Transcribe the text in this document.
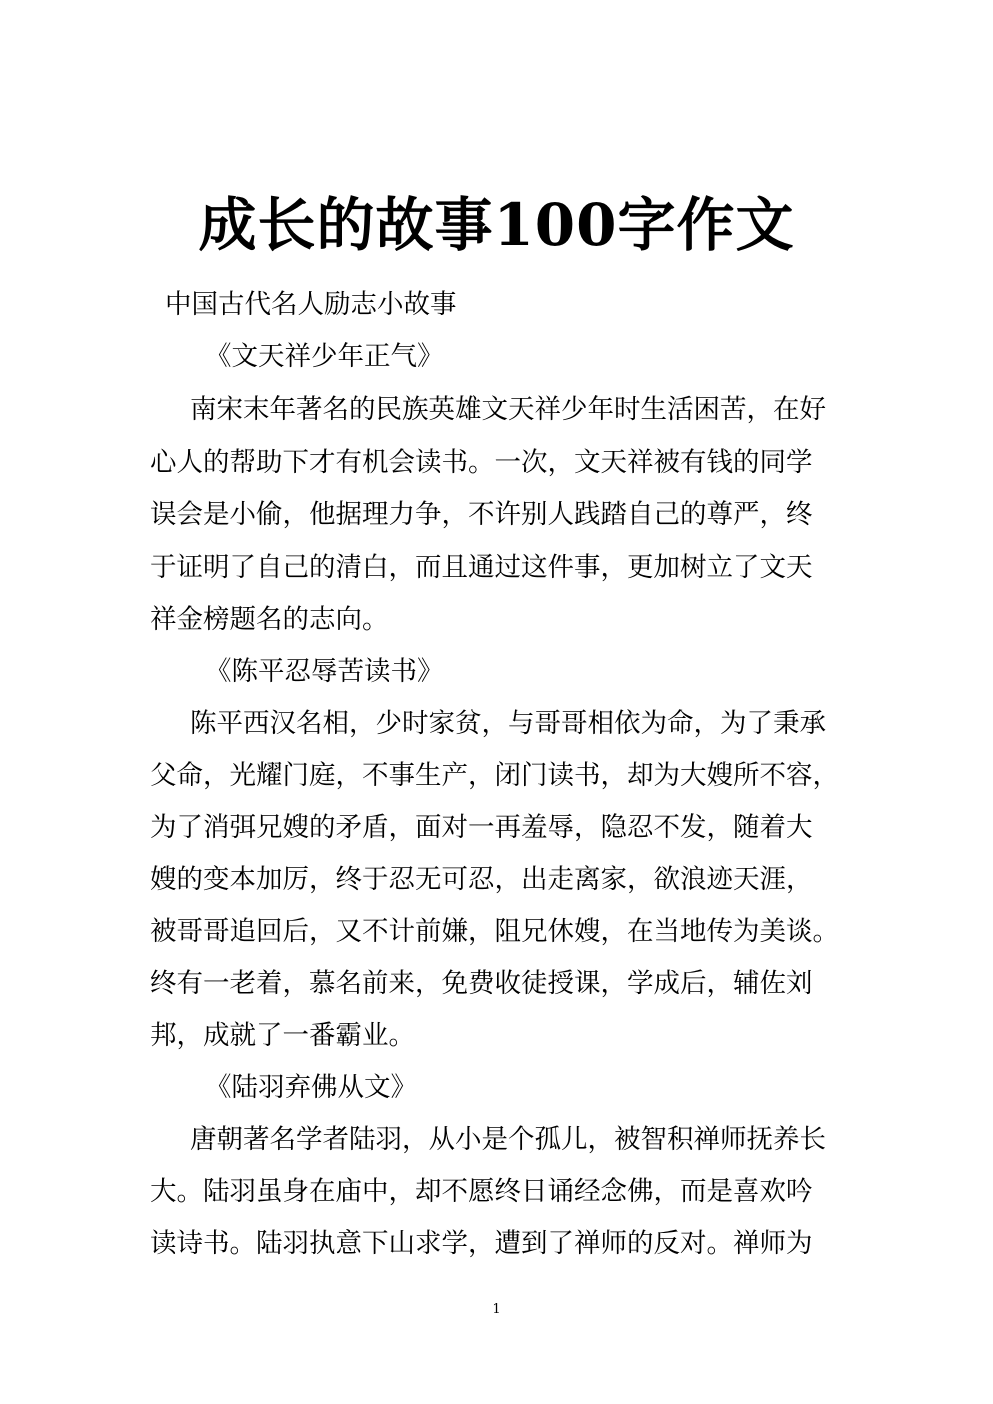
成长的故事100字作文
中国古代名人励志小故事
《文天祥少年正气》
南宋末年著名的民族英雄文天祥少年时生活困苦，在好
心人的帮助下才有机会读书。一次，文天祥被有钱的同学
误会是小偷，他据理力争，不许别人践踏自己的尊严，终
于证明了自己的清白，而且通过这件事，更加树立了文天
祥金榜题名的志向。
《陈平忍辱苦读书》
陈平西汉名相，少时家贫，与哥哥相依为命，为了秉承
父命，光耀门庭，不事生产，闭门读书，却为大嫂所不容，
为了消弭兄嫂的矛盾，面对一再羞辱，隐忍不发，随着大
嫂的变本加厉，终于忍无可忍，出走离家，欲浪迹天涯，
被哥哥追回后，又不计前嫌，阻兄休嫂，在当地传为美谈。
终有一老着，慕名前来，免费收徒授课，学成后，辅佐刘
邦，成就了一番霸业。
《陆羽弃佛从文》
唐朝著名学者陆羽，从小是个孤儿，被智积禅师抚养长
大。陆羽虽身在庙中，却不愿终日诵经念佛，而是喜欢吟
读诗书。陆羽执意下山求学，遭到了禅师的反对。禅师为
1
